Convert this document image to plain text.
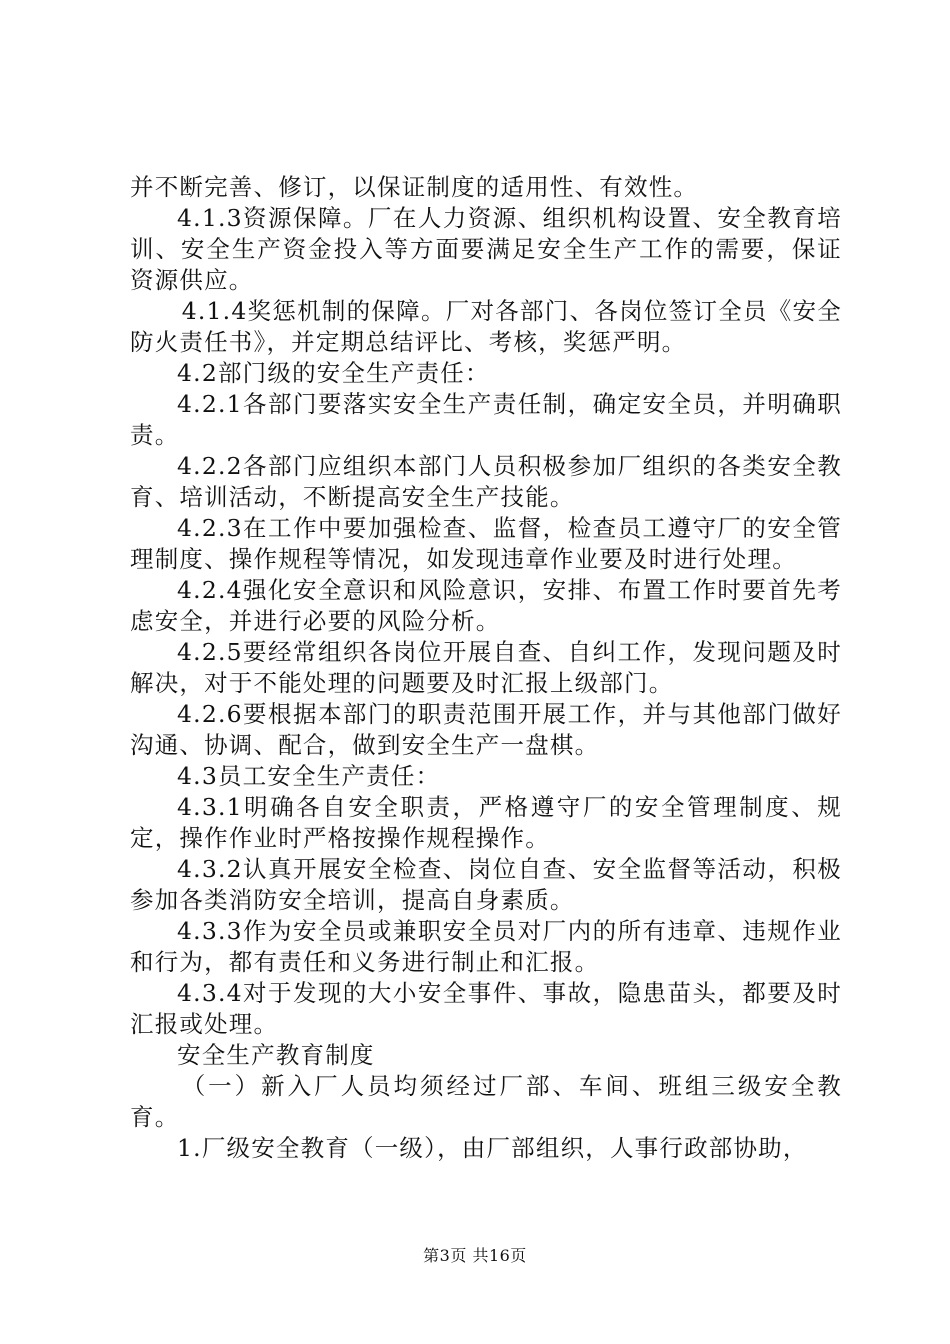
并不断完善、修订，以保证制度的适用性、有效性。

4.1.3资源保障。厂在人力资源、组织机构设置、安全教育培训、安全生产资金投入等方面要满足安全生产工作的需要，保证资源供应。

4.1.4奖惩机制的保障。厂对各部门、各岗位签订全员《安全防火责任书》，并定期总结评比、考核，奖惩严明。

4.2部门级的安全生产责任：

4.2.1各部门要落实安全生产责任制，确定安全员，并明确职责。

4.2.2各部门应组织本部门人员积极参加厂组织的各类安全教育、培训活动，不断提高安全生产技能。

4.2.3在工作中要加强检查、监督，检查员工遵守厂的安全管理制度、操作规程等情况，如发现违章作业要及时进行处理。

4.2.4强化安全意识和风险意识，安排、布置工作时要首先考虑安全，并进行必要的风险分析。

4.2.5要经常组织各岗位开展自查、自纠工作，发现问题及时解决，对于不能处理的问题要及时汇报上级部门。

4.2.6要根据本部门的职责范围开展工作，并与其他部门做好沟通、协调、配合，做到安全生产一盘棋。

4.3员工安全生产责任：

4.3.1明确各自安全职责，严格遵守厂的安全管理制度、规定，操作作业时严格按操作规程操作。

4.3.2认真开展安全检查、岗位自查、安全监督等活动，积极参加各类消防安全培训，提高自身素质。

4.3.3作为安全员或兼职安全员对厂内的所有违章、违规作业和行为，都有责任和义务进行制止和汇报。

4.3.4对于发现的大小安全事件、事故，隐患苗头，都要及时汇报或处理。

安全生产教育制度

（一）新入厂人员均须经过厂部、车间、班组三级安全教育。

1.厂级安全教育（一级），由厂部组织，人事行政部协助，

第3页 共16页
